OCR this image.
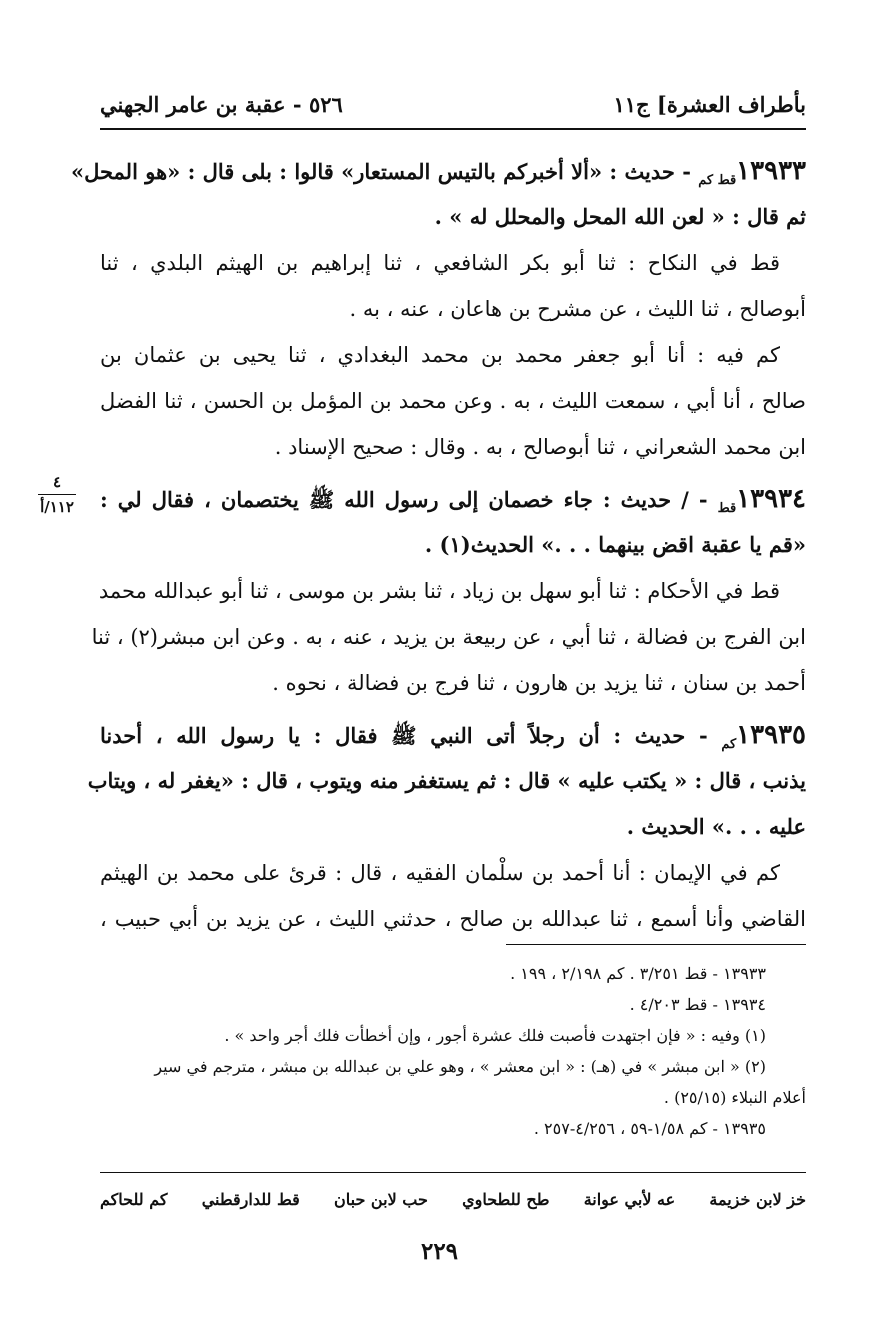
بأطراف العشرة] ج١١
٥٢٦ - عقبة بن عامر الجهني
٤
١١٢/أ
$١٣٩٣٣_{قط كم}$ - حديث : «ألا أخبركم بالتيس المستعار» قالوا : بلى قال : «هو المحل»
ثم قال : « لعن الله المحل والمحلل له » .
قط في النكاح : ثنا أبو بكر الشافعي ، ثنا إبراهيم بن الهيثم البلدي ، ثنا
أبوصالح ، ثنا الليث ، عن مشرح بن هاعان ، عنه ، به .
كم فيه : أنا أبو جعفر محمد بن محمد البغدادي ، ثنا يحيى بن عثمان بن
صالح ، أنا أبي ، سمعت الليث ، به . وعن محمد بن المؤمل بن الحسن ، ثنا الفضل
ابن محمد الشعراني ، ثنا أبوصالح ، به . وقال : صحيح الإسناد .
$١٣٩٣٤_{قط}$ - / حديث : جاء خصمان إلى رسول الله ﷺ يختصمان ، فقال لي :
«قم يا عقبة اقض بينهما . . .» الحديث(١) .
قط في الأحكام : ثنا أبو سهل بن زياد ، ثنا بشر بن موسى ، ثنا أبو عبدالله محمد
ابن الفرج بن فضالة ، ثنا أبي ، عن ربيعة بن يزيد ، عنه ، به . وعن ابن مبشر(٢) ، ثنا
أحمد بن سنان ، ثنا يزيد بن هارون ، ثنا فرج بن فضالة ، نحوه .
$١٣٩٣٥_{كم}$ - حديث : أن رجلاً أتى النبي ﷺ فقال : يا رسول الله ، أحدنا
يذنب ، قال : « يكتب عليه » قال : ثم يستغفر منه ويتوب ، قال : «يغفر له ، ويتاب
عليه . . .» الحديث .
كم في الإيمان : أنا أحمد بن سلْمان الفقيه ، قال : قرئ على محمد بن الهيثم
القاضي وأنا أسمع ، ثنا عبدالله بن صالح ، حدثني الليث ، عن يزيد بن أبي حبيب ،
١٣٩٣٣ - قط ٣/٢٥١ . كم ٢/١٩٨ ، ١٩٩ .
١٣٩٣٤ - قط ٤/٢٠٣ .
(١) وفيه : « فإن اجتهدت فأصبت فلك عشرة أجور ، وإن أخطأت فلك أجر واحد » .
(٢) « ابن مبشر » في (هـ) : « ابن معشر » ، وهو علي بن عبدالله بن مبشر ، مترجم في سير
أعلام النبلاء (٢٥/١٥) .
١٣٩٣٥ - كم ١/٥٨-٥٩ ، ٤/٢٥٦-٢٥٧ .
خز لابن خزيمة
عه لأبي عوانة
طح للطحاوي
حب لابن حبان
قط للدارقطني
كم للحاكم
٢٢٩
